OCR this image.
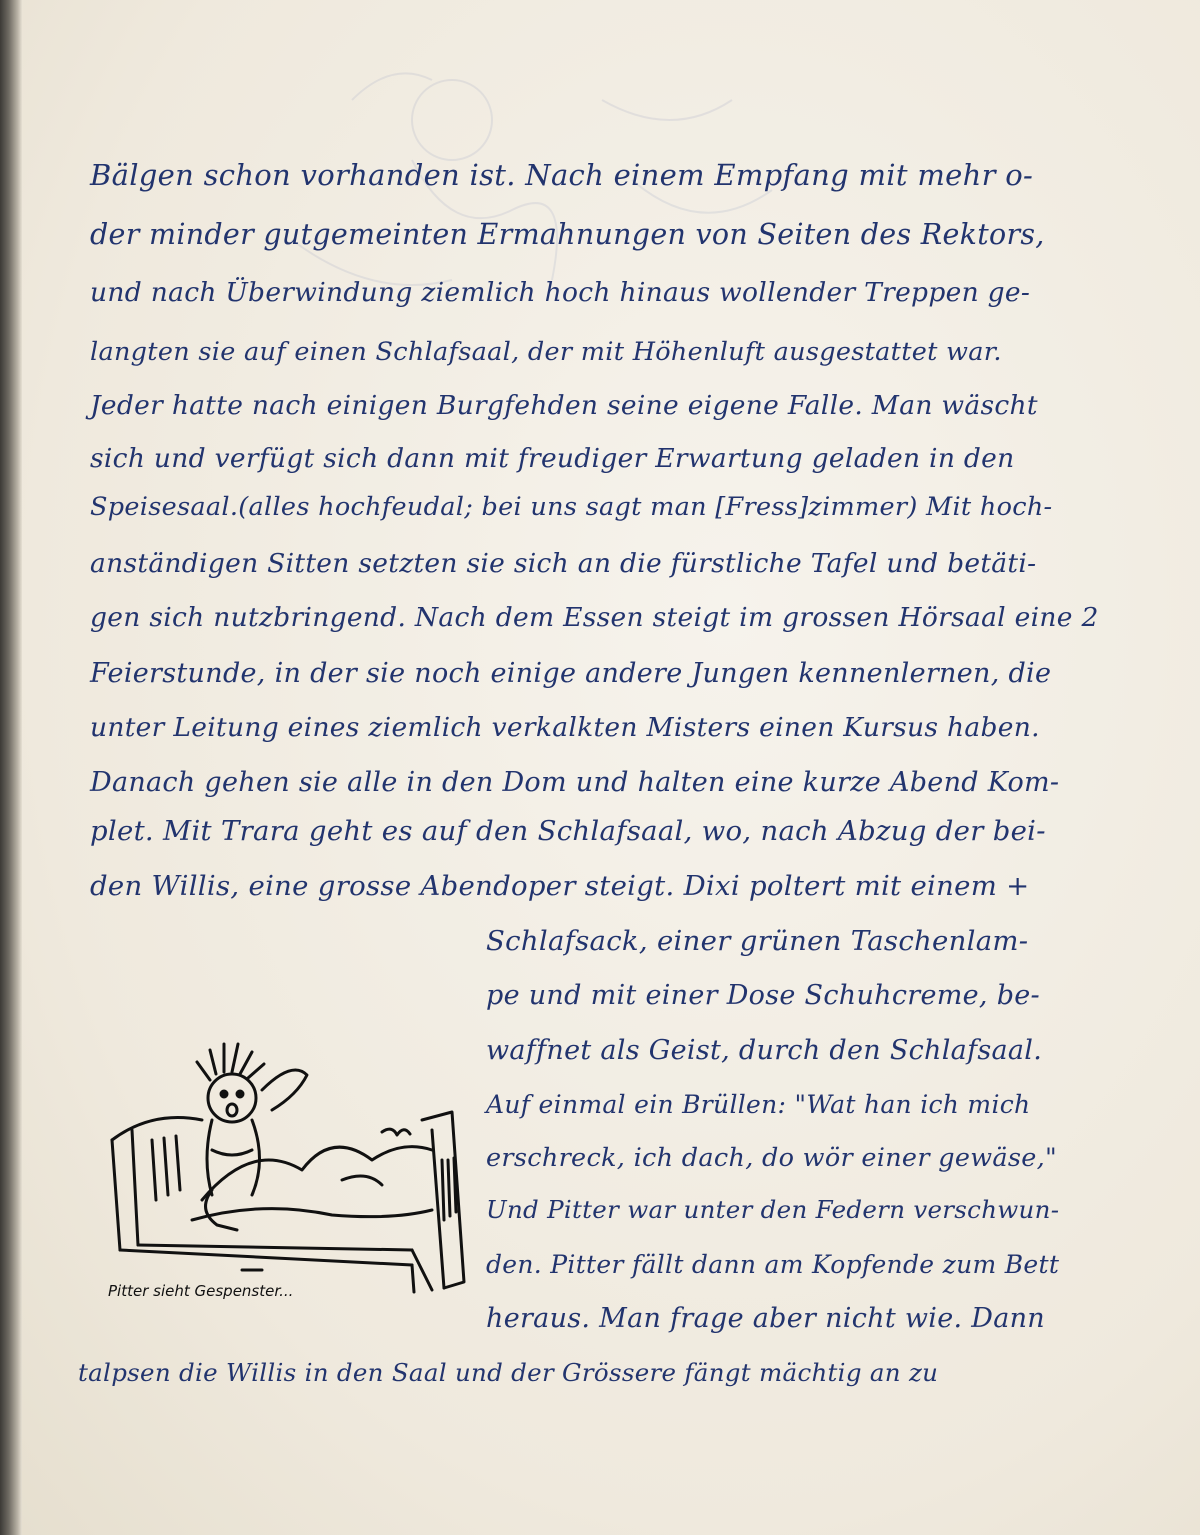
Bälgen schon vorhanden ist. Nach einem Empfang mit mehr o-
der minder gutgemeinten Ermahnungen von Seiten des Rektors,
und nach Überwindung ziemlich hoch hinaus wollender Treppen ge-
langten sie auf einen Schlafsaal, der mit Höhenluft ausgestattet war.
Jeder hatte nach einigen Burgfehden seine eigene Falle. Man wäscht
sich und verfügt sich dann mit freudiger Erwartung geladen in den
Speisesaal.(alles hochfeudal; bei uns sagt man [Fress]zimmer) Mit hoch-
anständigen Sitten setzten sie sich an die fürstliche Tafel und betäti-
gen sich nutzbringend. Nach dem Essen steigt im grossen Hörsaal eine 2
Feierstunde, in der sie noch einige andere Jungen kennenlernen, die
unter Leitung eines ziemlich verkalkten Misters einen Kursus haben.
Danach gehen sie alle in den Dom und halten eine kurze Abend Kom-
plet. Mit Trara geht es auf den Schlafsaal, wo, nach Abzug der bei-
den Willis, eine grosse Abendoper steigt. Dixi poltert mit einem +
Schlafsack, einer grünen Taschenlam-
pe und mit einer Dose Schuhcreme, be-
waffnet als Geist, durch den Schlafsaal.
Auf einmal ein Brüllen: "Wat han ich mich
erschreck, ich dach, do wör einer gewäse,"
Und Pitter war unter den Federn verschwun-
den. Pitter fällt dann am Kopfende zum Bett
heraus. Man frage aber nicht wie. Dann
talpsen die Willis in den Saal und der Grössere fängt mächtig an zu
Pitter sieht Gespenster...
